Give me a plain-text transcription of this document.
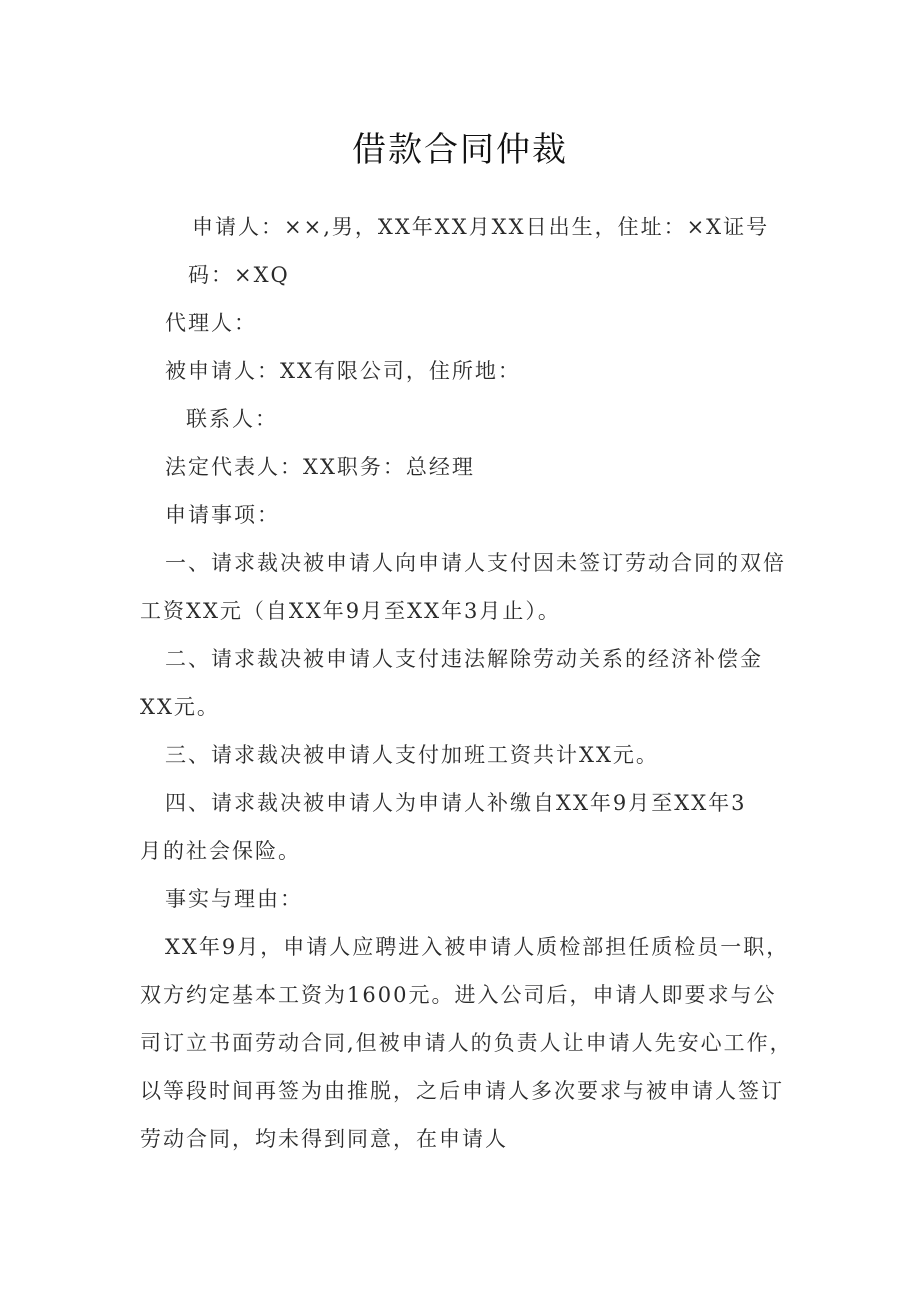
借款合同仲裁
申请人：××,男，XX年XX月XX日出生，住址：×X证号
码：×XQ
代理人：
被申请人：XX有限公司，住所地：
联系人：
法定代表人：XX职务：总经理
申请事项：
一、请求裁决被申请人向申请人支付因未签订劳动合同的双倍
工资XX元（自XX年9月至XX年3月止）。
二、请求裁决被申请人支付违法解除劳动关系的经济补偿金
XX元。
三、请求裁决被申请人支付加班工资共计XX元。
四、请求裁决被申请人为申请人补缴自XX年9月至XX年3
月的社会保险。
事实与理由：
XX年9月，申请人应聘进入被申请人质检部担任质检员一职，
双方约定基本工资为1600元。进入公司后，申请人即要求与公
司订立书面劳动合同,但被申请人的负责人让申请人先安心工作，
以等段时间再签为由推脱，之后申请人多次要求与被申请人签订
劳动合同，均未得到同意，在申请人
